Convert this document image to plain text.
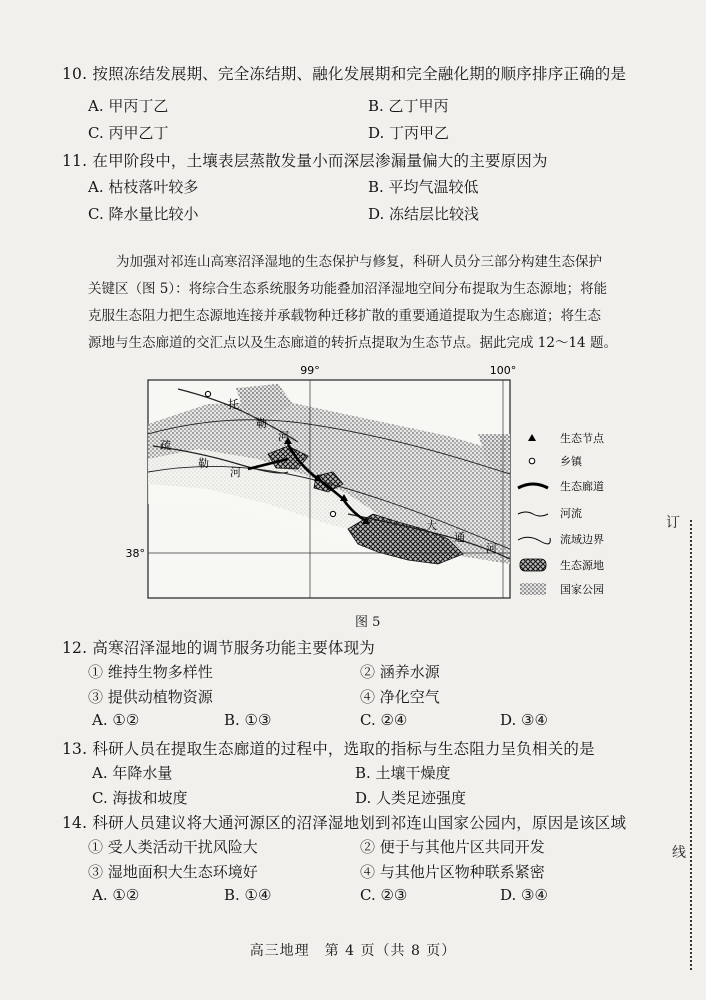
10. 按照冻结发展期、完全冻结期、融化发展期和完全融化期的顺序排序正确的是
A. 甲丙丁乙	B. 乙丁甲丙
C. 丙甲乙丁	D. 丁丙甲乙
11. 在甲阶段中，土壤表层蒸散发量小而深层渗漏量偏大的主要原因为
A. 枯枝落叶较多	B. 平均气温较低
C. 降水量比较小	D. 冻结层比较浅
为加强对祁连山高寒沼泽湿地的生态保护与修复，科研人员分三部分构建生态保护
关键区（图 5）：将综合生态系统服务功能叠加沼泽湿地空间分布提取为生态源地；将能
克服生态阻力把生态源地连接并承载物种迁移扩散的重要通道提取为生态廊道；将生态
源地与生态廊道的交汇点以及生态廊道的转折点提取为生态节点。据此完成 12～14 题。
99°	100°
38°
托
勒
河
疏
勒
河
大
通
河
生态节点
乡镇
生态廊道
河流
流域边界
生态源地
国家公园
图 5
12. 高寒沼泽湿地的调节服务功能主要体现为
① 维持生物多样性	② 涵养水源
③ 提供动植物资源	④ 净化空气
A. ①②	B. ①③	C. ②④	D. ③④
13. 科研人员在提取生态廊道的过程中，选取的指标与生态阻力呈负相关的是
A. 年降水量	B. 土壤干燥度
C. 海拔和坡度	D. 人类足迹强度
14. 科研人员建议将大通河源区的沼泽湿地划到祁连山国家公园内，原因是该区域
① 受人类活动干扰风险大	② 便于与其他片区共同开发
③ 湿地面积大生态环境好	④ 与其他片区物种联系紧密
A. ①②	B. ①④	C. ②③	D. ③④
高三地理　第 4 页（共 8 页）
订
线
